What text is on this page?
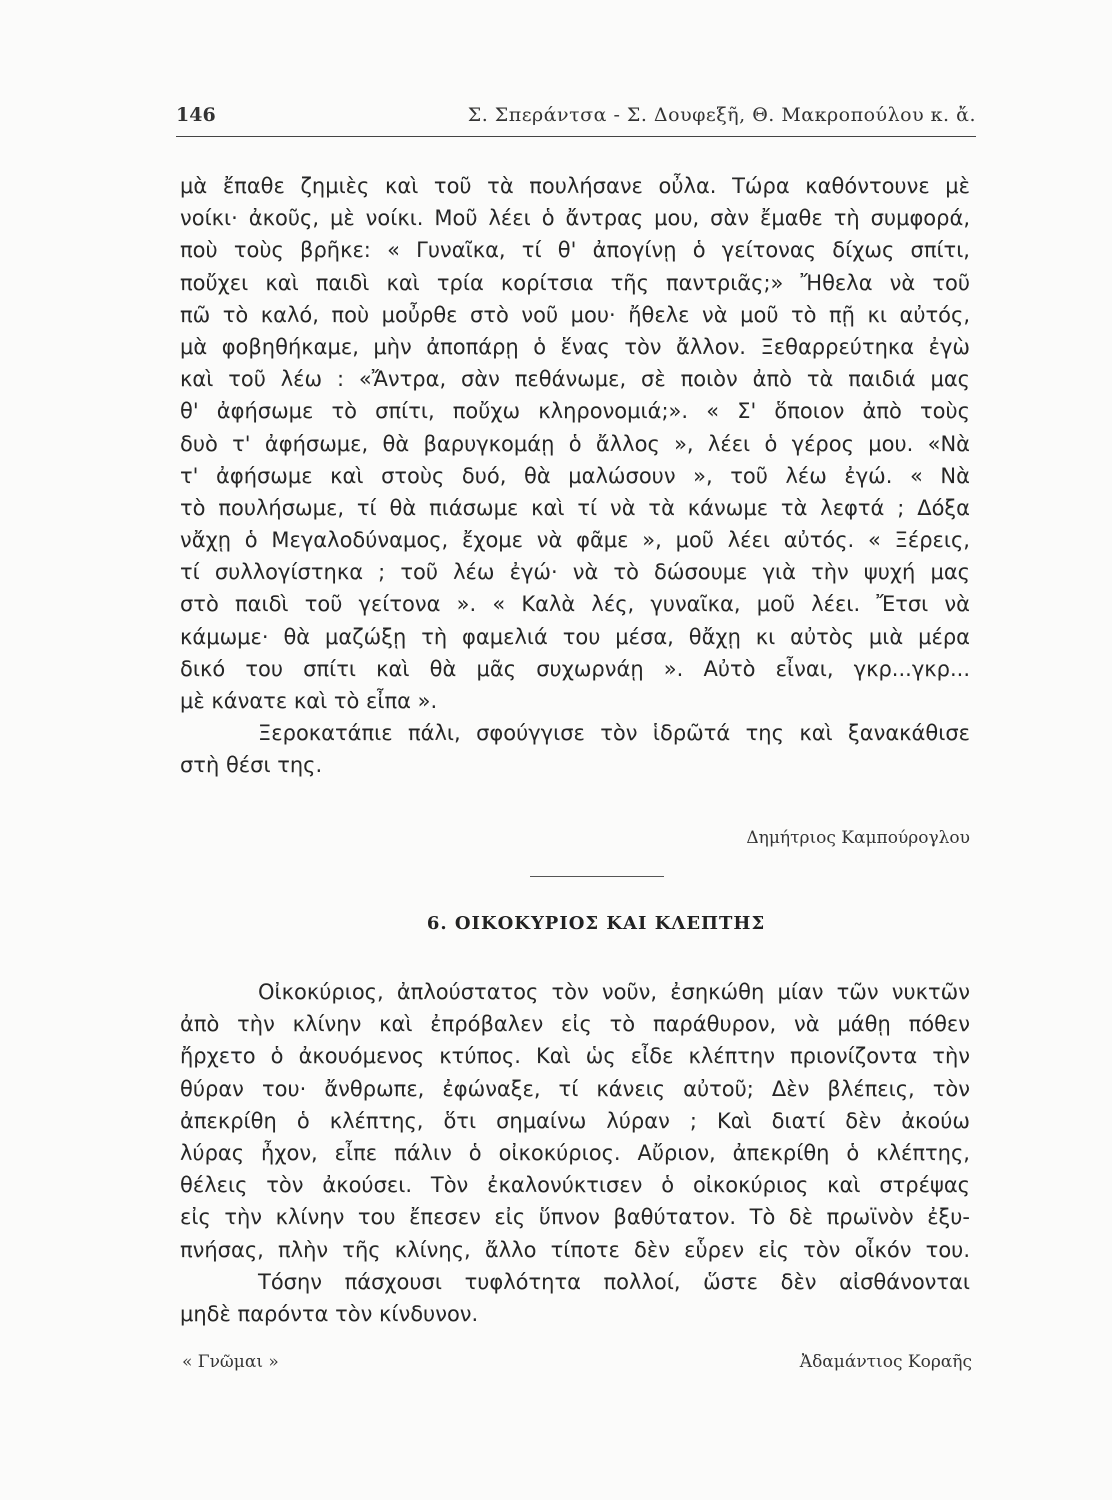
146	Σ. Σπεράντσα - Σ. Δουφεξῆ, Θ. Μακροπούλου κ. ἄ.
μὰ ἔπαθε ζημιὲς καὶ τοῦ τὰ πουλήσανε οὖλα. Τώρα καθόντουνε μὲ
νοίκι· ἀκοῦς, μὲ νοίκι. Μοῦ λέει ὁ ἄντρας μου, σὰν ἔμαθε τὴ συμφορά,
ποὺ τοὺς βρῆκε: « Γυναῖκα, τί θ' ἀπογίνῃ ὁ γείτονας δίχως σπίτι,
ποὔχει καὶ παιδὶ καὶ τρία κορίτσια τῆς παντριᾶς;» Ἤθελα νὰ τοῦ
πῶ τὸ καλό, ποὺ μοὖρθε στὸ νοῦ μου· ἤθελε νὰ μοῦ τὸ πῇ κι αὐτός,
μὰ φοβηθήκαμε, μὴν ἀποπάρῃ ὁ ἕνας τὸν ἄλλον. Ξεθαρρεύτηκα ἐγὼ
καὶ τοῦ λέω : «Ἄντρα, σὰν πεθάνωμε, σὲ ποιὸν ἀπὸ τὰ παιδιά μας
θ' ἀφήσωμε τὸ σπίτι, ποὔχω κληρονομιά;». « Σ' ὅποιον ἀπὸ τοὺς
δυὸ τ' ἀφήσωμε, θὰ βαρυγκομάῃ ὁ ἄλλος », λέει ὁ γέρος μου. «Νὰ
τ' ἀφήσωμε καὶ στοὺς δυό, θὰ μαλώσουν », τοῦ λέω ἐγώ. « Νὰ
τὸ πουλήσωμε, τί θὰ πιάσωμε καὶ τί νὰ τὰ κάνωμε τὰ λεφτά ; Δόξα
νἄχῃ ὁ Μεγαλοδύναμος, ἔχομε νὰ φᾶμε », μοῦ λέει αὐτός. « Ξέρεις,
τί συλλογίστηκα ; τοῦ λέω ἐγώ· νὰ τὸ δώσουμε γιὰ τὴν ψυχή μας
στὸ παιδὶ τοῦ γείτονα ». « Καλὰ λές, γυναῖκα, μοῦ λέει. Ἔτσι νὰ
κάμωμε· θὰ μαζώξῃ τὴ φαμελιά του μέσα, θἄχῃ κι αὐτὸς μιὰ μέρα
δικό του σπίτι καὶ θὰ μᾶς συχωρνάῃ ». Αὐτὸ εἶναι, γκρ...γκρ...
μὲ κάνατε καὶ τὸ εἶπα ».
Ξεροκατάπιε πάλι, σφούγγισε τὸν ἱδρῶτά της καὶ ξανακάθισε
στὴ θέσι της.
Δημήτριος Καμπούρογλου
6. ΟΙΚΟΚΥΡΙΟΣ ΚΑΙ ΚΛΕΠΤΗΣ
Οἰκοκύριος, ἀπλούστατος τὸν νοῦν, ἐσηκώθη μίαν τῶν νυκτῶν
ἀπὸ τὴν κλίνην καὶ ἐπρόβαλεν εἰς τὸ παράθυρον, νὰ μάθῃ πόθεν
ἤρχετο ὁ ἀκουόμενος κτύπος. Καὶ ὡς εἶδε κλέπτην πριονίζοντα τὴν
θύραν του· ἄνθρωπε, ἐφώναξε, τί κάνεις αὐτοῦ; Δὲν βλέπεις, τὸν
ἀπεκρίθη ὁ κλέπτης, ὅτι σημαίνω λύραν ; Καὶ διατί δὲν ἀκούω
λύρας ἦχον, εἶπε πάλιν ὁ οἰκοκύριος. Αὔριον, ἀπεκρίθη ὁ κλέπτης,
θέλεις τὸν ἀκούσει. Τὸν ἐκαλονύκτισεν ὁ οἰκοκύριος καὶ στρέψας
εἰς τὴν κλίνην του ἔπεσεν εἰς ὕπνον βαθύτατον. Τὸ δὲ πρωϊνὸν ἐξυ-
πνήσας, πλὴν τῆς κλίνης, ἄλλο τίποτε δὲν εὗρεν εἰς τὸν οἶκόν του.
Τόσην πάσχουσι τυφλότητα πολλοί, ὥστε δὲν αἰσθάνονται
μηδὲ παρόντα τὸν κίνδυνον.
« Γνῶμαι »	Ἀδαμάντιος Κοραῆς
